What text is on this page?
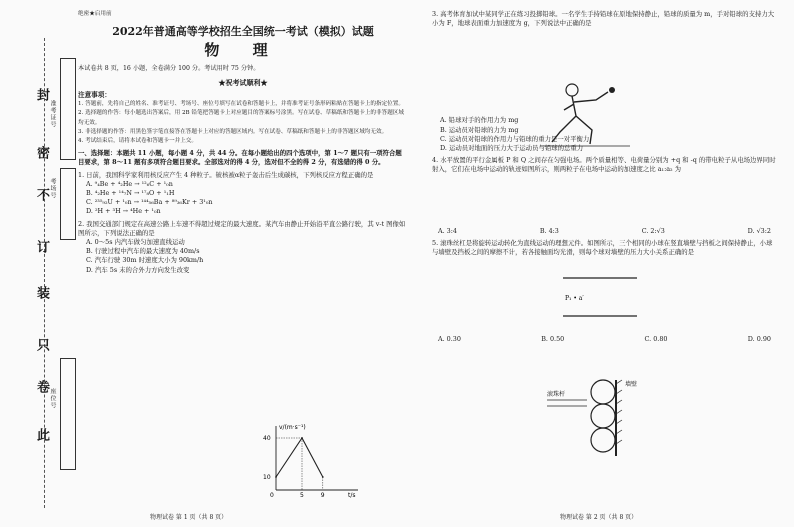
封
密
不
订
装
只
卷
此
准考证号
考场号
座位号
绝密★启用前
2022年普通高等学校招生全国统一考试（模拟）试题
物 理
本试卷共 8 页，16 小题，全卷满分 100 分。考试用时 75 分钟。
★祝考试顺利★
注意事项：
1. 答题前，先将自己的姓名、准考证号、考场号、座位号填写在试卷和答题卡上，并将准考证号条形码粘贴在答题卡上的指定位置。
2. 选择题的作答：每小题选出答案后，用 2B 铅笔把答题卡上对应题目的答案标号涂黑。写在试卷、草稿纸和答题卡上的非答题区域均无效。
3. 非选择题的作答：用黑色签字笔直接答在答题卡上对应的答题区域内。写在试卷、草稿纸和答题卡上的非答题区域均无效。
4. 考试结束后，请将本试卷和答题卡一并上交。
一、选择题：本题共 11 小题，每小题 4 分，共 44 分。在每小题给出的四个选项中，第 1～7 题只有一项符合题目要求，第 8～11 题有多项符合题目要求。全部选对的得 4 分，选对但不全的得 2 分，有选错的得 0 分。
1. 日前，我国科学家利用核反应产生 4 种粒子。铍核被α粒子轰击后生成碳核，下列核反应方程正确的是
A. ⁹₄Be + ⁴₂He → ¹²₆C + ¹₀n
B. ⁴₂He + ¹⁴₇N → ¹⁷₈O + ¹₁H
C. ²³⁵₉₂U + ¹₀n → ¹⁴⁴₅₆Ba + ⁸⁹₃₆Kr + 3¹₀n
D. ²H + ³H → ⁴He + ¹₀n
2. 我国交通部门规定在高速公路上车速不得超过规定的最大速度。某汽车由静止开始沿平直公路行驶，其 v-t 图像如图所示，下列说法正确的是
A. 0～5s 内汽车做匀加速直线运动
B. 行驶过程中汽车的最大速度为 40m/s
C. 汽车行驶 30m 时速度大小为 90km/h
D. 汽车 5s 末的合外力方向发生改变
5	9
10
40
v/(m·s⁻¹)
t/s
0
物理试卷 第 1 页（共 8 页）
3. 高考体育加试中某同学正在练习投掷铅球。一名学生手持铅球在原地保持静止，铅球的质量为 m，手对铅球的支持力大小为 F，地球表面重力加速度为 g，下列说法中正确的是
A. 铅球对手的作用力为 mg
B. 运动员对铅球的力为 mg
C. 运动员对铅球的作用力与铅球的重力是一对平衡力
D. 运动员对地面的压力大于运动员与铅球的总重力
4. 水平放置的平行金属板 P 和 Q 之间存在匀强电场。两个质量相等、电荷量分别为 +q 和 -q 的带电粒子从电场边界同时射入，它们在电场中运动的轨迹如图所示，则两粒子在电场中运动的加速度之比 a₁:a₂ 为
A. 3:4	B. 4:3	C. 2:√3	D. √3:2
5. 滚珠丝杠是将旋转运动转化为直线运动的理想元件。如图所示，三个相同的小球在竖直墙壁与挡板之间保持静止，小球与墙壁及挡板之间的摩擦不计，若各接触面均光滑，则每个球对墙壁的压力大小关系正确的是
A. 0.30	B. 0.50	C. 0.80	D. 0.90
P₁ • a′
滚珠杆
墙壁
物理试卷 第 2 页（共 8 页）
